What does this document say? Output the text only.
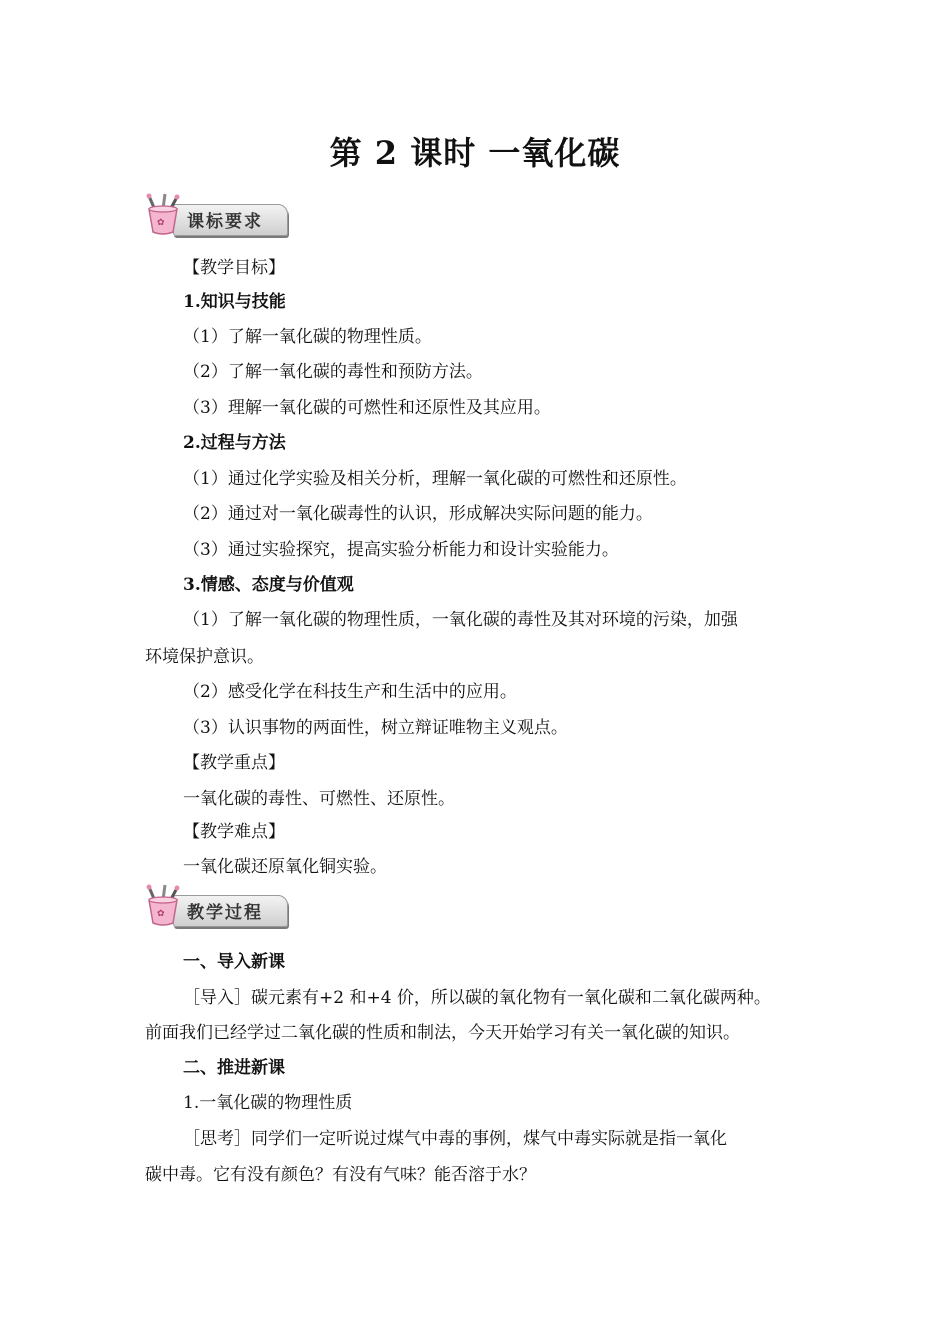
第 2 课时 一氧化碳
✿ 课标要求
【教学目标】
1.知识与技能
（1）了解一氧化碳的物理性质。
（2）了解一氧化碳的毒性和预防方法。
（3）理解一氧化碳的可燃性和还原性及其应用。
2.过程与方法
（1）通过化学实验及相关分析，理解一氧化碳的可燃性和还原性。
（2）通过对一氧化碳毒性的认识，形成解决实际问题的能力。
（3）通过实验探究，提高实验分析能力和设计实验能力。
3.情感、态度与价值观
（1）了解一氧化碳的物理性质，一氧化碳的毒性及其对环境的污染，加强
环境保护意识。
（2）感受化学在科技生产和生活中的应用。
（3）认识事物的两面性，树立辩证唯物主义观点。
【教学重点】
一氧化碳的毒性、可燃性、还原性。
【教学难点】
一氧化碳还原氧化铜实验。
✿ 教学过程
一、导入新课
［导入］碳元素有+2 和+4 价，所以碳的氧化物有一氧化碳和二氧化碳两种。
前面我们已经学过二氧化碳的性质和制法，今天开始学习有关一氧化碳的知识。
二、推进新课
1.一氧化碳的物理性质
［思考］同学们一定听说过煤气中毒的事例，煤气中毒实际就是指一氧化
碳中毒。它有没有颜色？有没有气味？能否溶于水？
